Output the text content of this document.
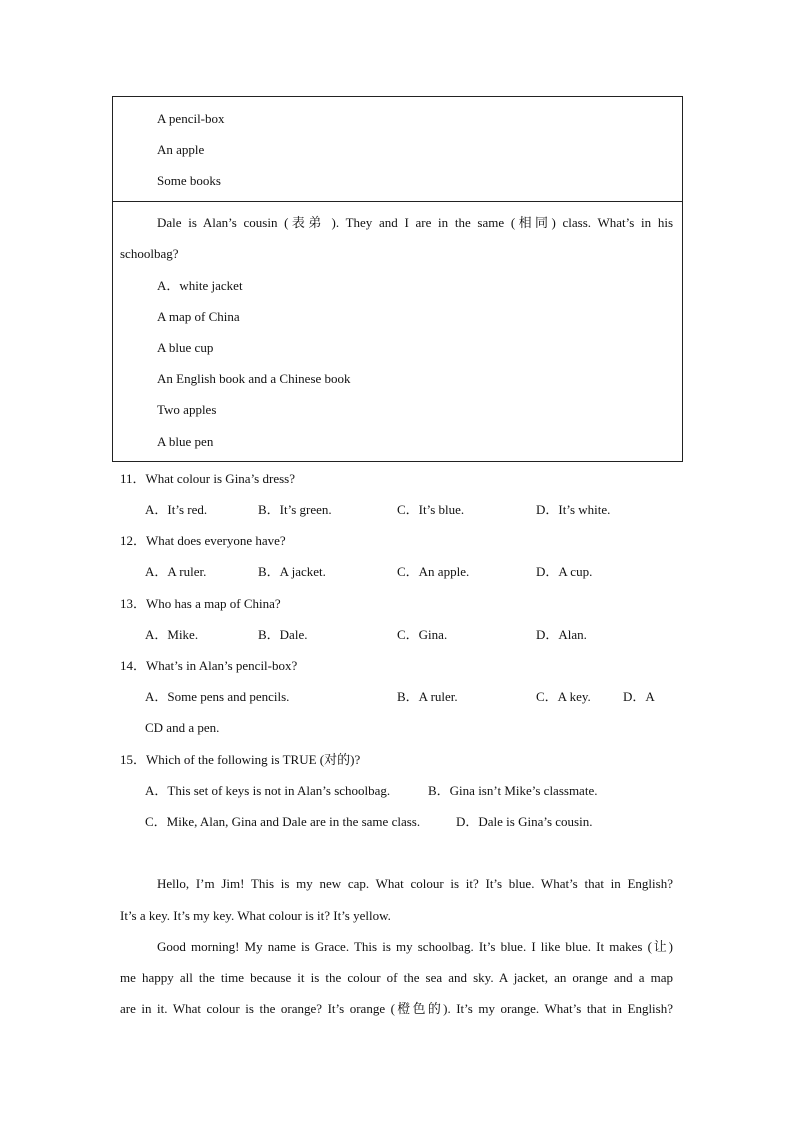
A pencil-box
An apple
Some books
Dale is Alan’s cousin (表弟 ). They and I are in the same (相同) class. What’s in his
schoolbag?
A．white jacket
A map of China
A blue cup
An English book and a Chinese book
Two apples
A blue pen
11．What colour is Gina’s dress?
A．It’s red.	B．It’s green.	C．It’s blue.	D．It’s white.
12．What does everyone have?
A．A ruler.	B．A jacket.	C．An apple.	D．A cup.
13．Who has a map of China?
A．Mike.	B．Dale.	C．Gina.	D．Alan.
14．What’s in Alan’s pencil-box?
A．Some pens and pencils.	B．A ruler.	C．A key. D．A
CD and a pen.
15．Which of the following is TRUE (对的)?
A．This set of keys is not in Alan’s schoolbag.	B．Gina isn’t Mike’s classmate.
C．Mike, Alan, Gina and Dale are in the same class.	D．Dale is Gina’s cousin.
Hello, I’m Jim! This is my new cap. What colour is it? It’s blue. What’s that in English?
It’s a key. It’s my key. What colour is it? It’s yellow.
Good morning! My name is Grace. This is my schoolbag. It’s blue. I like blue. It makes (让)
me happy all the time because it is the colour of the sea and sky. A jacket, an orange and a map
are in it. What colour is the orange? It’s orange (橙色的). It’s my orange. What’s that in English?
